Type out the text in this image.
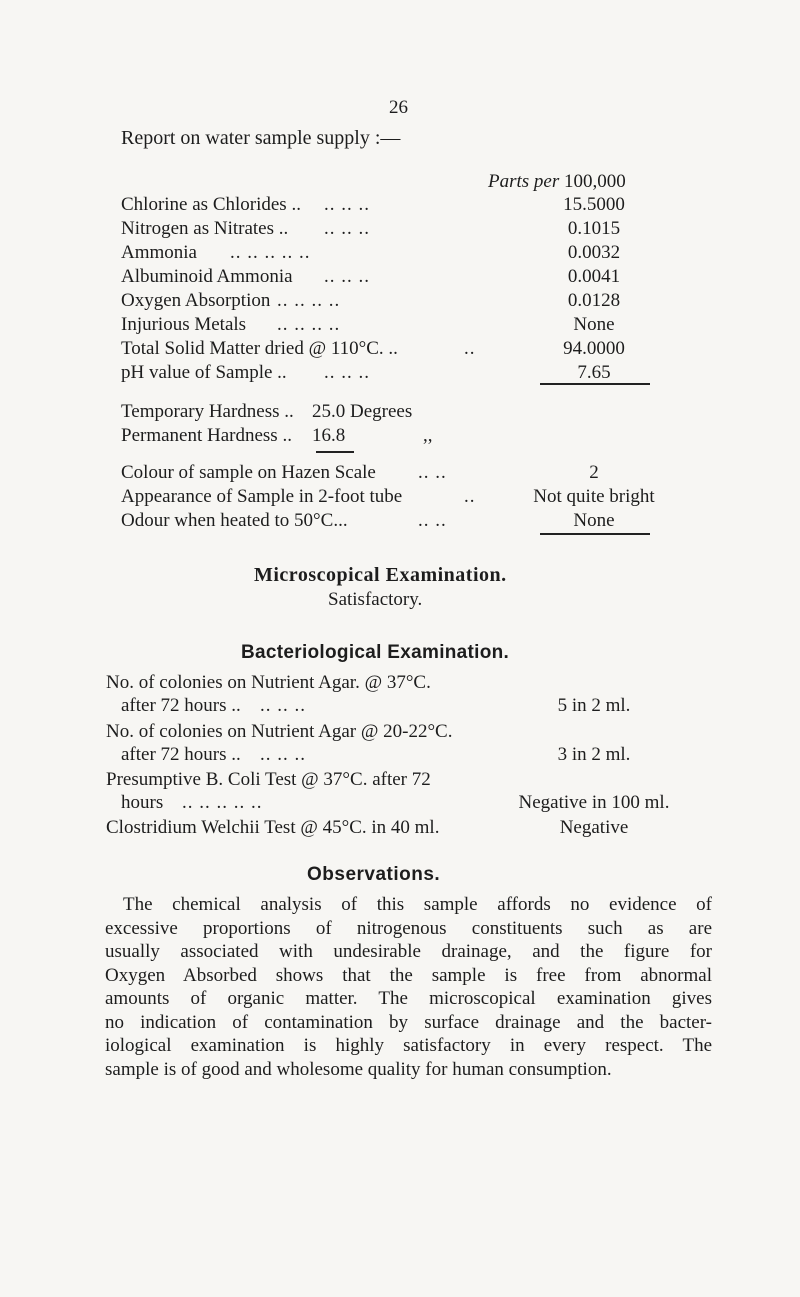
26
Report on water sample supply :—
Parts per 100,000
Chlorine as Chlorides .. .. .. ..	15.5000
Nitrogen as Nitrates .. .. .. ..	0.1015
Ammonia .. .. .. .. ..	0.0032
Albuminoid Ammonia .. .. ..	0.0041
Oxygen Absorption .. .. .. ..	0.0128
Injurious Metals .. .. .. ..	None
Total Solid Matter dried @ 110°C. ..	..	94.0000
pH value of Sample .. .. .. ..	7.65
Temporary Hardness .. 25.0 Degrees
Permanent Hardness .. 16.8	,,
Colour of sample on Hazen Scale .. ..	2
Appearance of Sample in 2-foot tube	..	Not quite bright
Odour when heated to 50°C...	.. ..	None
Microscopical Examination.
Satisfactory.
Bacteriological Examination.
No. of colonies on Nutrient Agar. @ 37°C.
after 72 hours .. .. .. ..	5 in 2 ml.
No. of colonies on Nutrient Agar @ 20-22°C.
after 72 hours .. .. .. ..	3 in 2 ml.
Presumptive B. Coli Test @ 37°C. after 72
hours .. .. .. .. ..	Negative in 100 ml.
Clostridium Welchii Test @ 45°C. in 40 ml.	Negative
Observations.
The chemical analysis of this sample affords no evidence of
excessive proportions of nitrogenous constituents such as are
usually associated with undesirable drainage, and the figure for
Oxygen Absorbed shows that the sample is free from abnormal
amounts of organic matter. The microscopical examination gives
no indication of contamination by surface drainage and the bacter-
iological examination is highly satisfactory in every respect. The
sample is of good and wholesome quality for human consumption.
